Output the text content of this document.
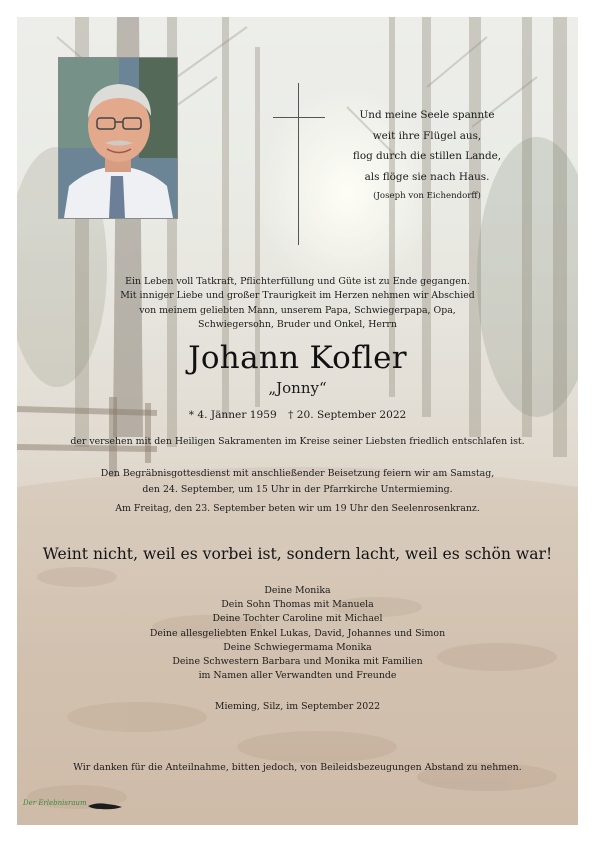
Und meine Seele spannte
weit ihre Flügel aus,
flog durch die stillen Lande,
als flöge sie nach Haus.
(Joseph von Eichendorff)
Ein Leben voll Tatkraft, Pflichterfüllung und Güte ist zu Ende gegangen.
Mit inniger Liebe und großer Traurigkeit im Herzen nehmen wir Abschied
von meinem geliebten Mann, unserem Papa, Schwiegerpapa, Opa,
Schwiegersohn, Bruder und Onkel, Herrn
Johann Kofler
„Jonny“
* 4. Jänner 1959 † 20. September 2022
der versehen mit den Heiligen Sakramenten im Kreise seiner Liebsten friedlich entschlafen ist.
Den Begräbnisgottesdienst mit anschließender Beisetzung feiern wir am Samstag,
den 24. September, um 15 Uhr in der Pfarrkirche Untermieming.
Am Freitag, den 23. September beten wir um 19 Uhr den Seelenrosenkranz.
Weint nicht, weil es vorbei ist, sondern lacht, weil es schön war!
Deine Monika
Dein Sohn Thomas mit Manuela
Deine Tochter Caroline mit Michael
Deine allesgeliebten Enkel Lukas, David, Johannes und Simon
Deine Schwiegermama Monika
Deine Schwestern Barbara und Monika mit Familien
im Namen aller Verwandten und Freunde
Mieming, Silz, im September 2022
Wir danken für die Anteilnahme, bitten jedoch, von Beileidsbezeugungen Abstand zu nehmen.
Der Erlebnisraum
